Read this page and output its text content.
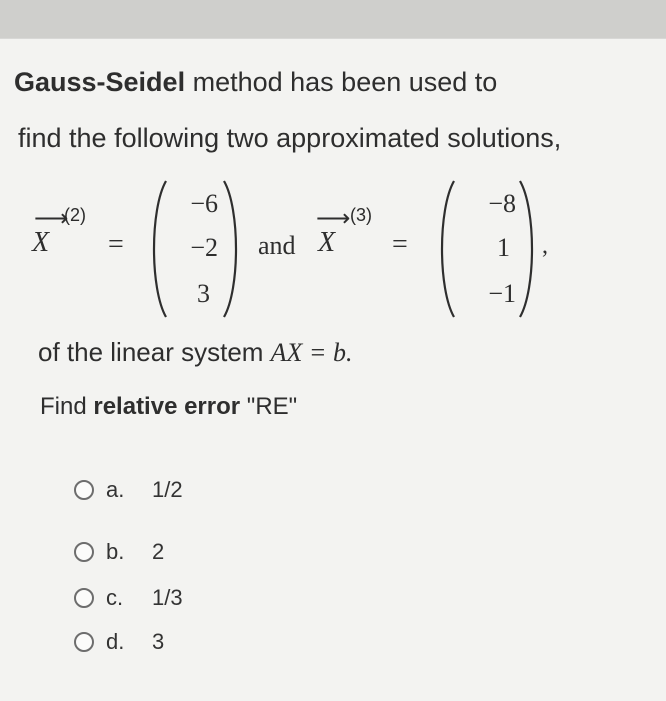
Gauss-Seidel method has been used to
find the following two approximated solutions,
⟶
(2)
X =
−6
−2
3
and
⟶ (3)
X =
−8
1
−1
,
of the linear system AX = b.
Find relative error "RE"
a.	1/2
b.	2
c.	1/3
d.	3
